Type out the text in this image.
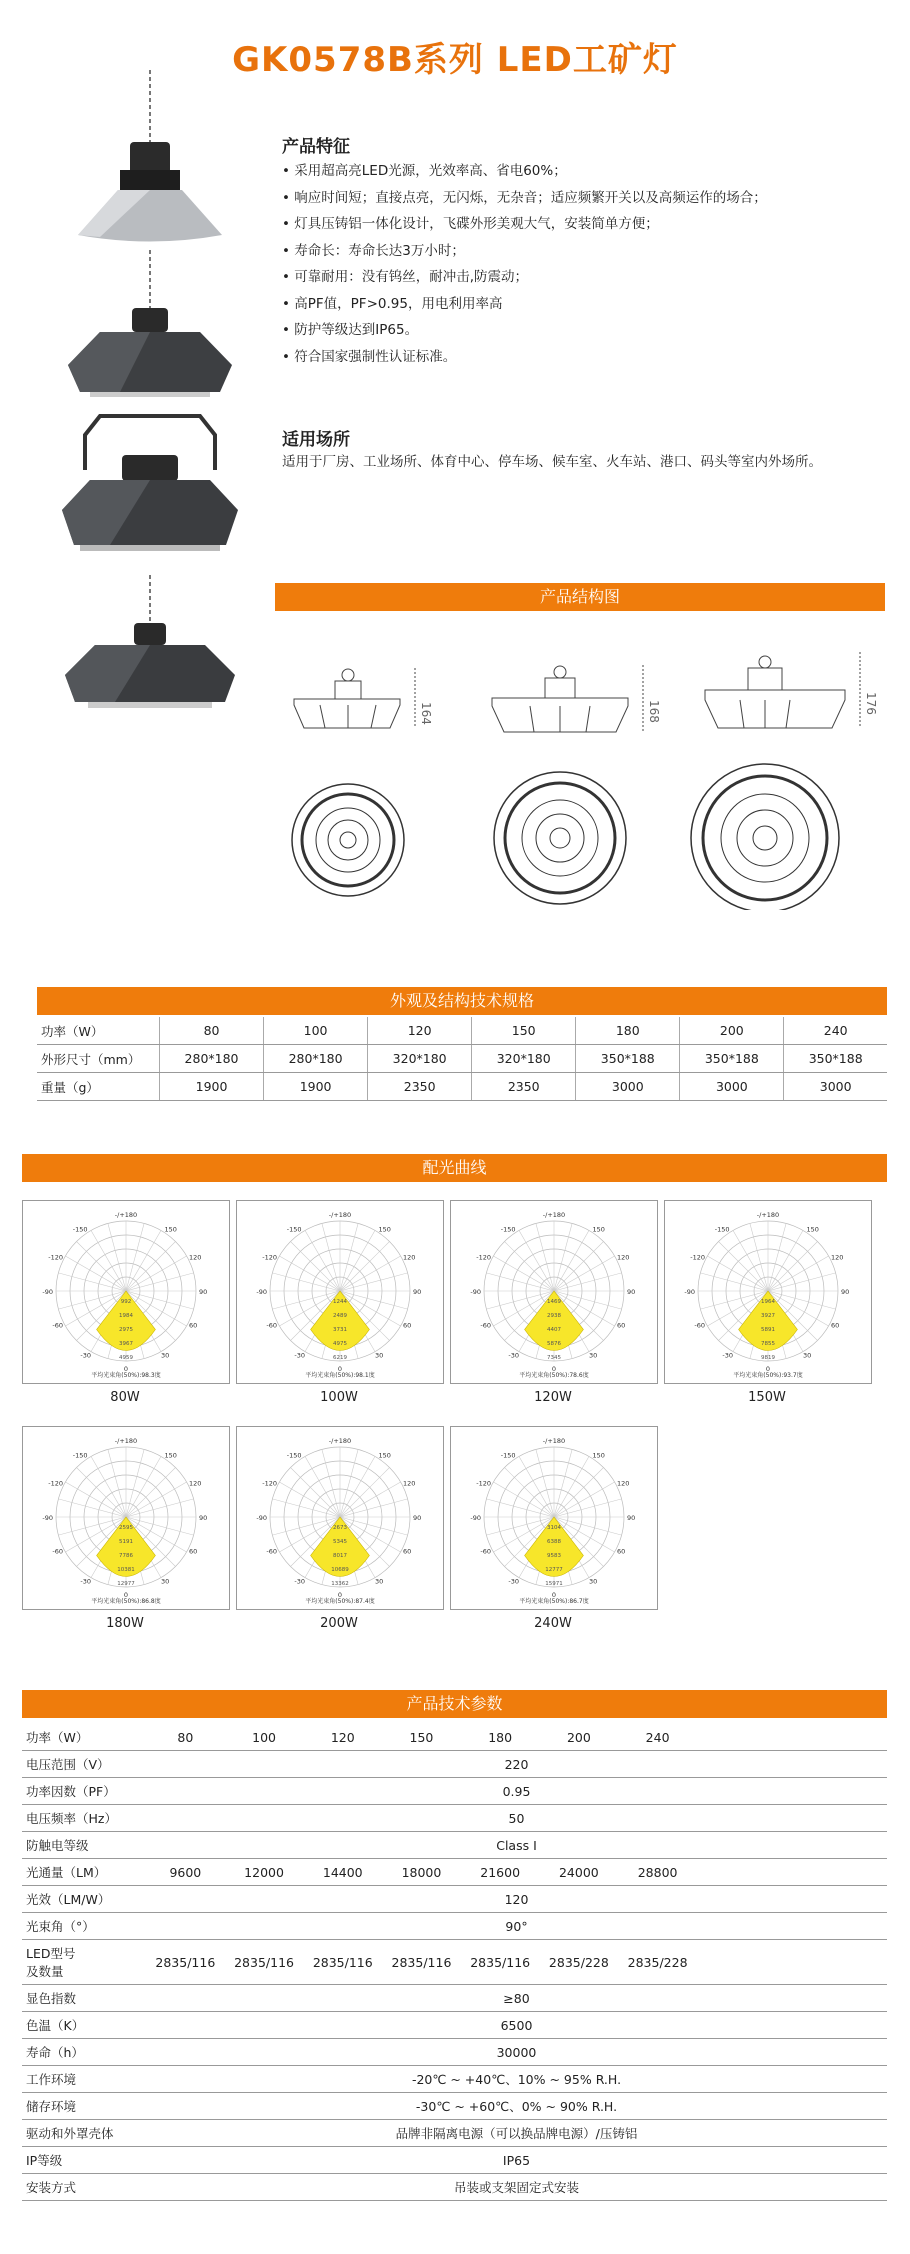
GK0578B系列 LED工矿灯
产品特征
• 采用超高亮LED光源，光效率高、省电60%；
• 响应时间短；直接点亮，无闪烁，无杂音；适应频繁开关以及高频运作的场合；
• 灯具压铸铝一体化设计，飞碟外形美观大气，安装简单方便；
• 寿命长：寿命长达3万小时；
• 可靠耐用：没有钨丝，耐冲击,防震动；
• 高PF值，PF>0.95，用电利用率高
• 防护等级达到IP65。
• 符合国家强制性认证标准。
适用场所
适用于厂房、工业场所、体育中心、停车场、候车室、火车站、港口、码头等室内外场所。
产品结构图
164	168	176
外观及结构技术规格
功率（W）	80	100	120	150	180	200	240
外形尺寸（mm）	280*180	280*180	320*180	320*180	350*188	350*188	350*188
重量（g）	1900	1900	2350	2350	3000	3000	3000
配光曲线
-/+180
-150	150
-120	120
-90	90
-60	60
-30	30
0
992
1984
2975
3967
4959
平均光束角(50%):98.3度
80W
-/+180
-150	150
-120	120
-90	90
-60	60
-30	30
0
1244
2489
3731
4975
6219
平均光束角(50%):98.1度
100W
-/+180
-150	150
-120	120
-90	90
-60	60
-30	30
0
1469
2938
4407
5876
7345
平均光束角(50%):78.6度
120W
-/+180
-150	150
-120	120
-90	90
-60	60
-30	30
0
1964
3927
5891
7855
9819
平均光束角(50%):93.7度
150W
-/+180
-150	150
-120	120
-90	90
-60	60
-30	30
0
2595
5191
7786
10381
12977
平均光束角(50%):86.8度
180W
-/+180
-150	150
-120	120
-90	90
-60	60
-30	30
0
2673
5345
8017
10689
13362
平均光束角(50%):87.4度
200W
-/+180
-150	150
-120	120
-90	90
-60	60
-30	30
0
3104
6388
9583
12777
15971
平均光束角(50%):86.7度
240W
产品技术参数
功率（W）	80	100	120	150	180	200	240	
电压范围（V）	220							
功率因数（PF）	0.95							
电压频率（Hz）	50							
防触电等级	Class Ⅰ							
光通量（LM）	9600	12000	14400	18000	21600	24000	28800	
光效（LM/W）	120							
光束角（°）	90°							
LED型号
及数量	2835/116	2835/116	2835/116	2835/116	2835/116	2835/228	2835/228	
显色指数	≥80							
色温（K）	6500							
寿命（h）	30000							
工作环境	-20℃ ~ +40℃、10% ~ 95% R.H.							
储存环境	-30℃ ~ +60℃、0% ~ 90% R.H.							
驱动和外罩壳体	品牌非隔离电源（可以换品牌电源）/压铸铝							
IP等级	IP65							
安装方式	吊装或支架固定式安装							
